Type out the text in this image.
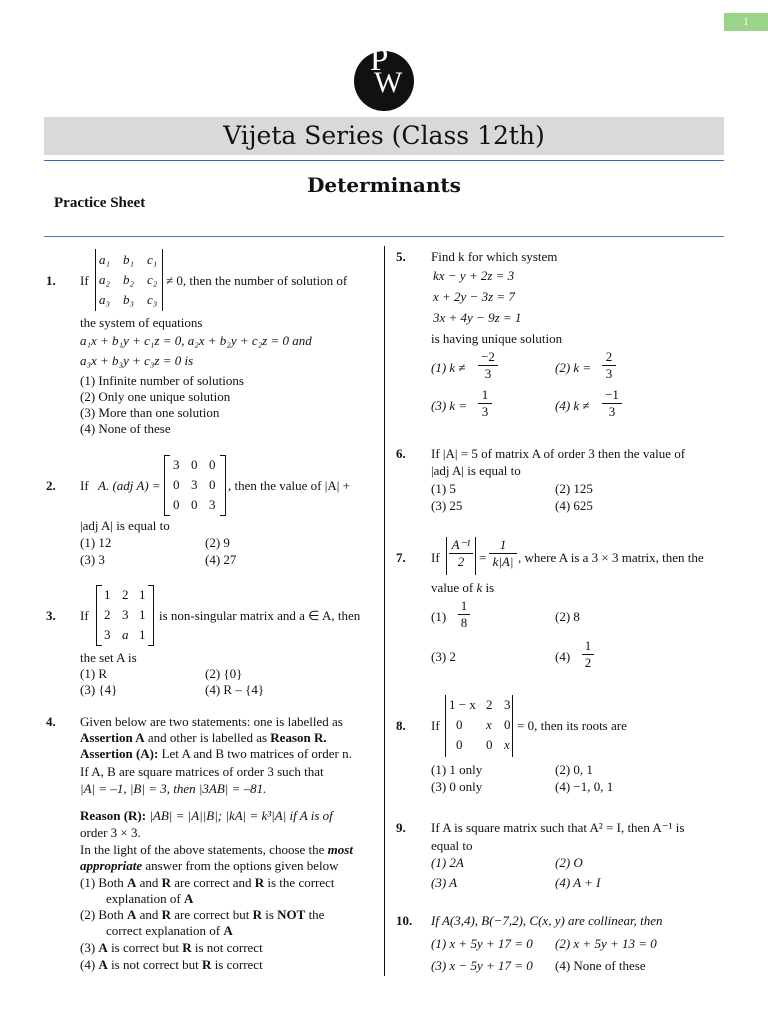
1
P
W
Vijeta Series (Class 12th)
Determinants
Practice Sheet
1. If
a₁ b₁ c₁
a₂ b₂ c₂
a₃ b₃ c₃
≠ 0, then the number of solution of
the system of equations
a₁x + b₁y + c₁z = 0, a₂x + b₂y + c₂z = 0 and
a₃x + b₃y + c₃z = 0 is
(1) Infinite number of solutions
(2) Only one unique solution
(3) More than one solution
(4) None of these
2. If A. (adj A) =
3 0 0
0 3 0
0 0 3
, then the value of |A| +
|adj A| is equal to
(1) 12	(2) 9
(3) 3	(4) 27
3. If
1 2 1
2 3 1
3 a 1
is non-singular matrix and a ∈ A, then
the set A is
(1) R	(2) {0}
(3) {4}	(4) R – {4}
4. Given below are two statements: one is labelled as
Assertion A and other is labelled as Reason R.
Assertion (A): Let A and B two matrices of order n.
If A, B are square matrices of order 3 such that
|A| = –1, |B| = 3, then |3AB| = –81.
Reason (R): |AB| = |A||B|; |kA| = k³|A| if A is of
order 3 × 3.
In the light of the above statements, choose the most
appropriate answer from the options given below
(1) Both A and R are correct and R is the correct
explanation of A
(2) Both A and R are correct but R is NOT the
correct explanation of A
(3) A is correct but R is not correct
(4) A is not correct but R is correct
5. Find k for which system
kx − y + 2z = 3
x + 2y − 3z = 7
3x + 4y − 9z = 1
is having unique solution
(1) k ≠
−2
3	(2) k =
2
3
(3) k =
1
3	(4) k ≠
−1
3
6. If |A| = 5 of matrix A of order 3 then the value of
|adj A| is equal to
(1) 5	(2) 125
(3) 25	(4) 625
7. If
A⁻¹
2	=
1
k|A| , where A is a 3 × 3 matrix, then the
value of k is
(1)
1
8	(2) 8
(3) 2	(4)
1
2
8. If
1 − x 2 3
0 x 0
0 0 x
= 0, then its roots are
(1) 1 only	(2) 0, 1
(3) 0 only	(4) −1, 0, 1
9. If A is square matrix such that A² = I, then A⁻¹ is
equal to
(1) 2A	(2) O
(3) A	(4) A + I
10. If A(3,4), B(−7,2), C(x, y) are collinear, then
(1) x + 5y + 17 = 0 (2) x + 5y + 13 = 0
(3) x − 5y + 17 = 0 (4) None of these
